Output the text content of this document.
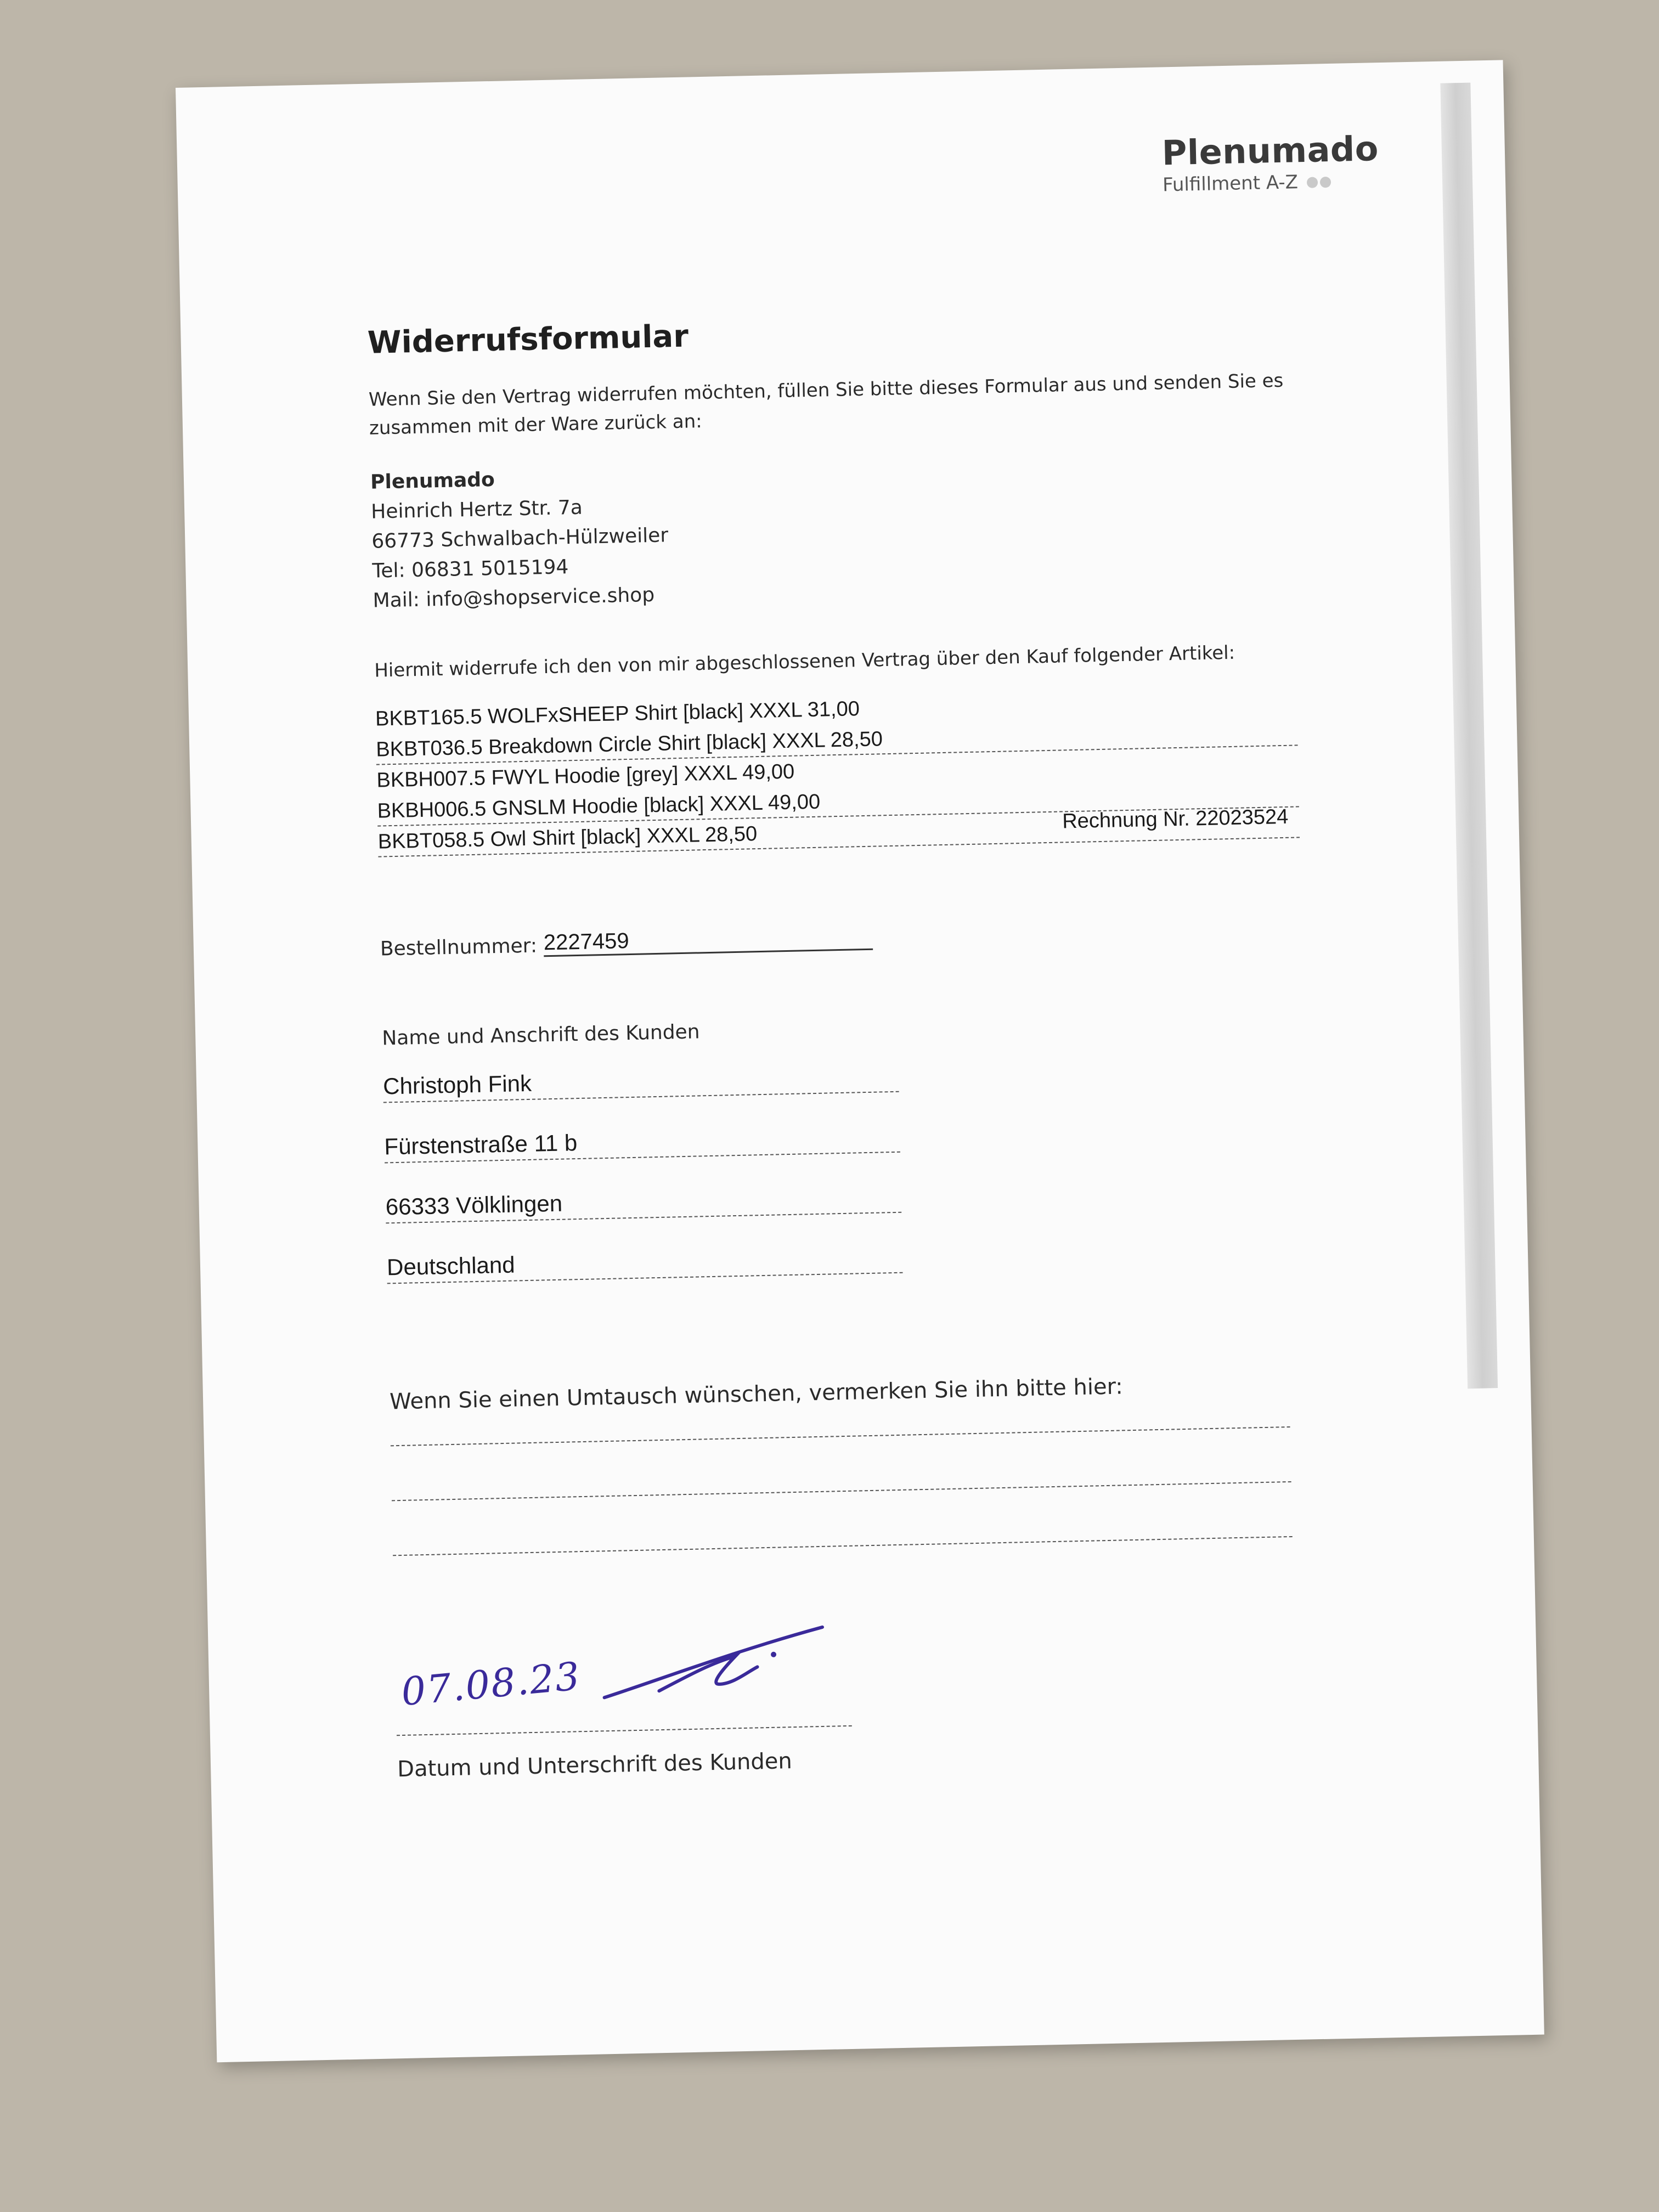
Plenumado
Fulfillment A-Z
Widerrufsformular
Wenn Sie den Vertrag widerrufen möchten, füllen Sie bitte dieses Formular aus und senden Sie es zusammen mit der Ware zurück an:
Plenumado
Heinrich Hertz Str. 7a
66773 Schwalbach-Hülzweiler
Tel: 06831 5015194
Mail: info@shopservice.shop
Hiermit widerrufe ich den von mir abgeschlossenen Vertrag über den Kauf folgender Artikel:
BKBT165.5 WOLFxSHEEP Shirt [black] XXXL 31,00
BKBT036.5 Breakdown Circle Shirt [black] XXXL 28,50
BKBH007.5 FWYL Hoodie [grey] XXXL 49,00
BKBH006.5 GNSLM Hoodie [black] XXXL 49,00
BKBT058.5 Owl Shirt [black] XXXL 28,50
Rechnung Nr. 22023524
Bestellnummer: 2227459
Name und Anschrift des Kunden
Christoph Fink
Fürstenstraße 11 b
66333 Völklingen
Deutschland
Wenn Sie einen Umtausch wünschen, vermerken Sie ihn bitte hier:
07.08.23
Datum und Unterschrift des Kunden
